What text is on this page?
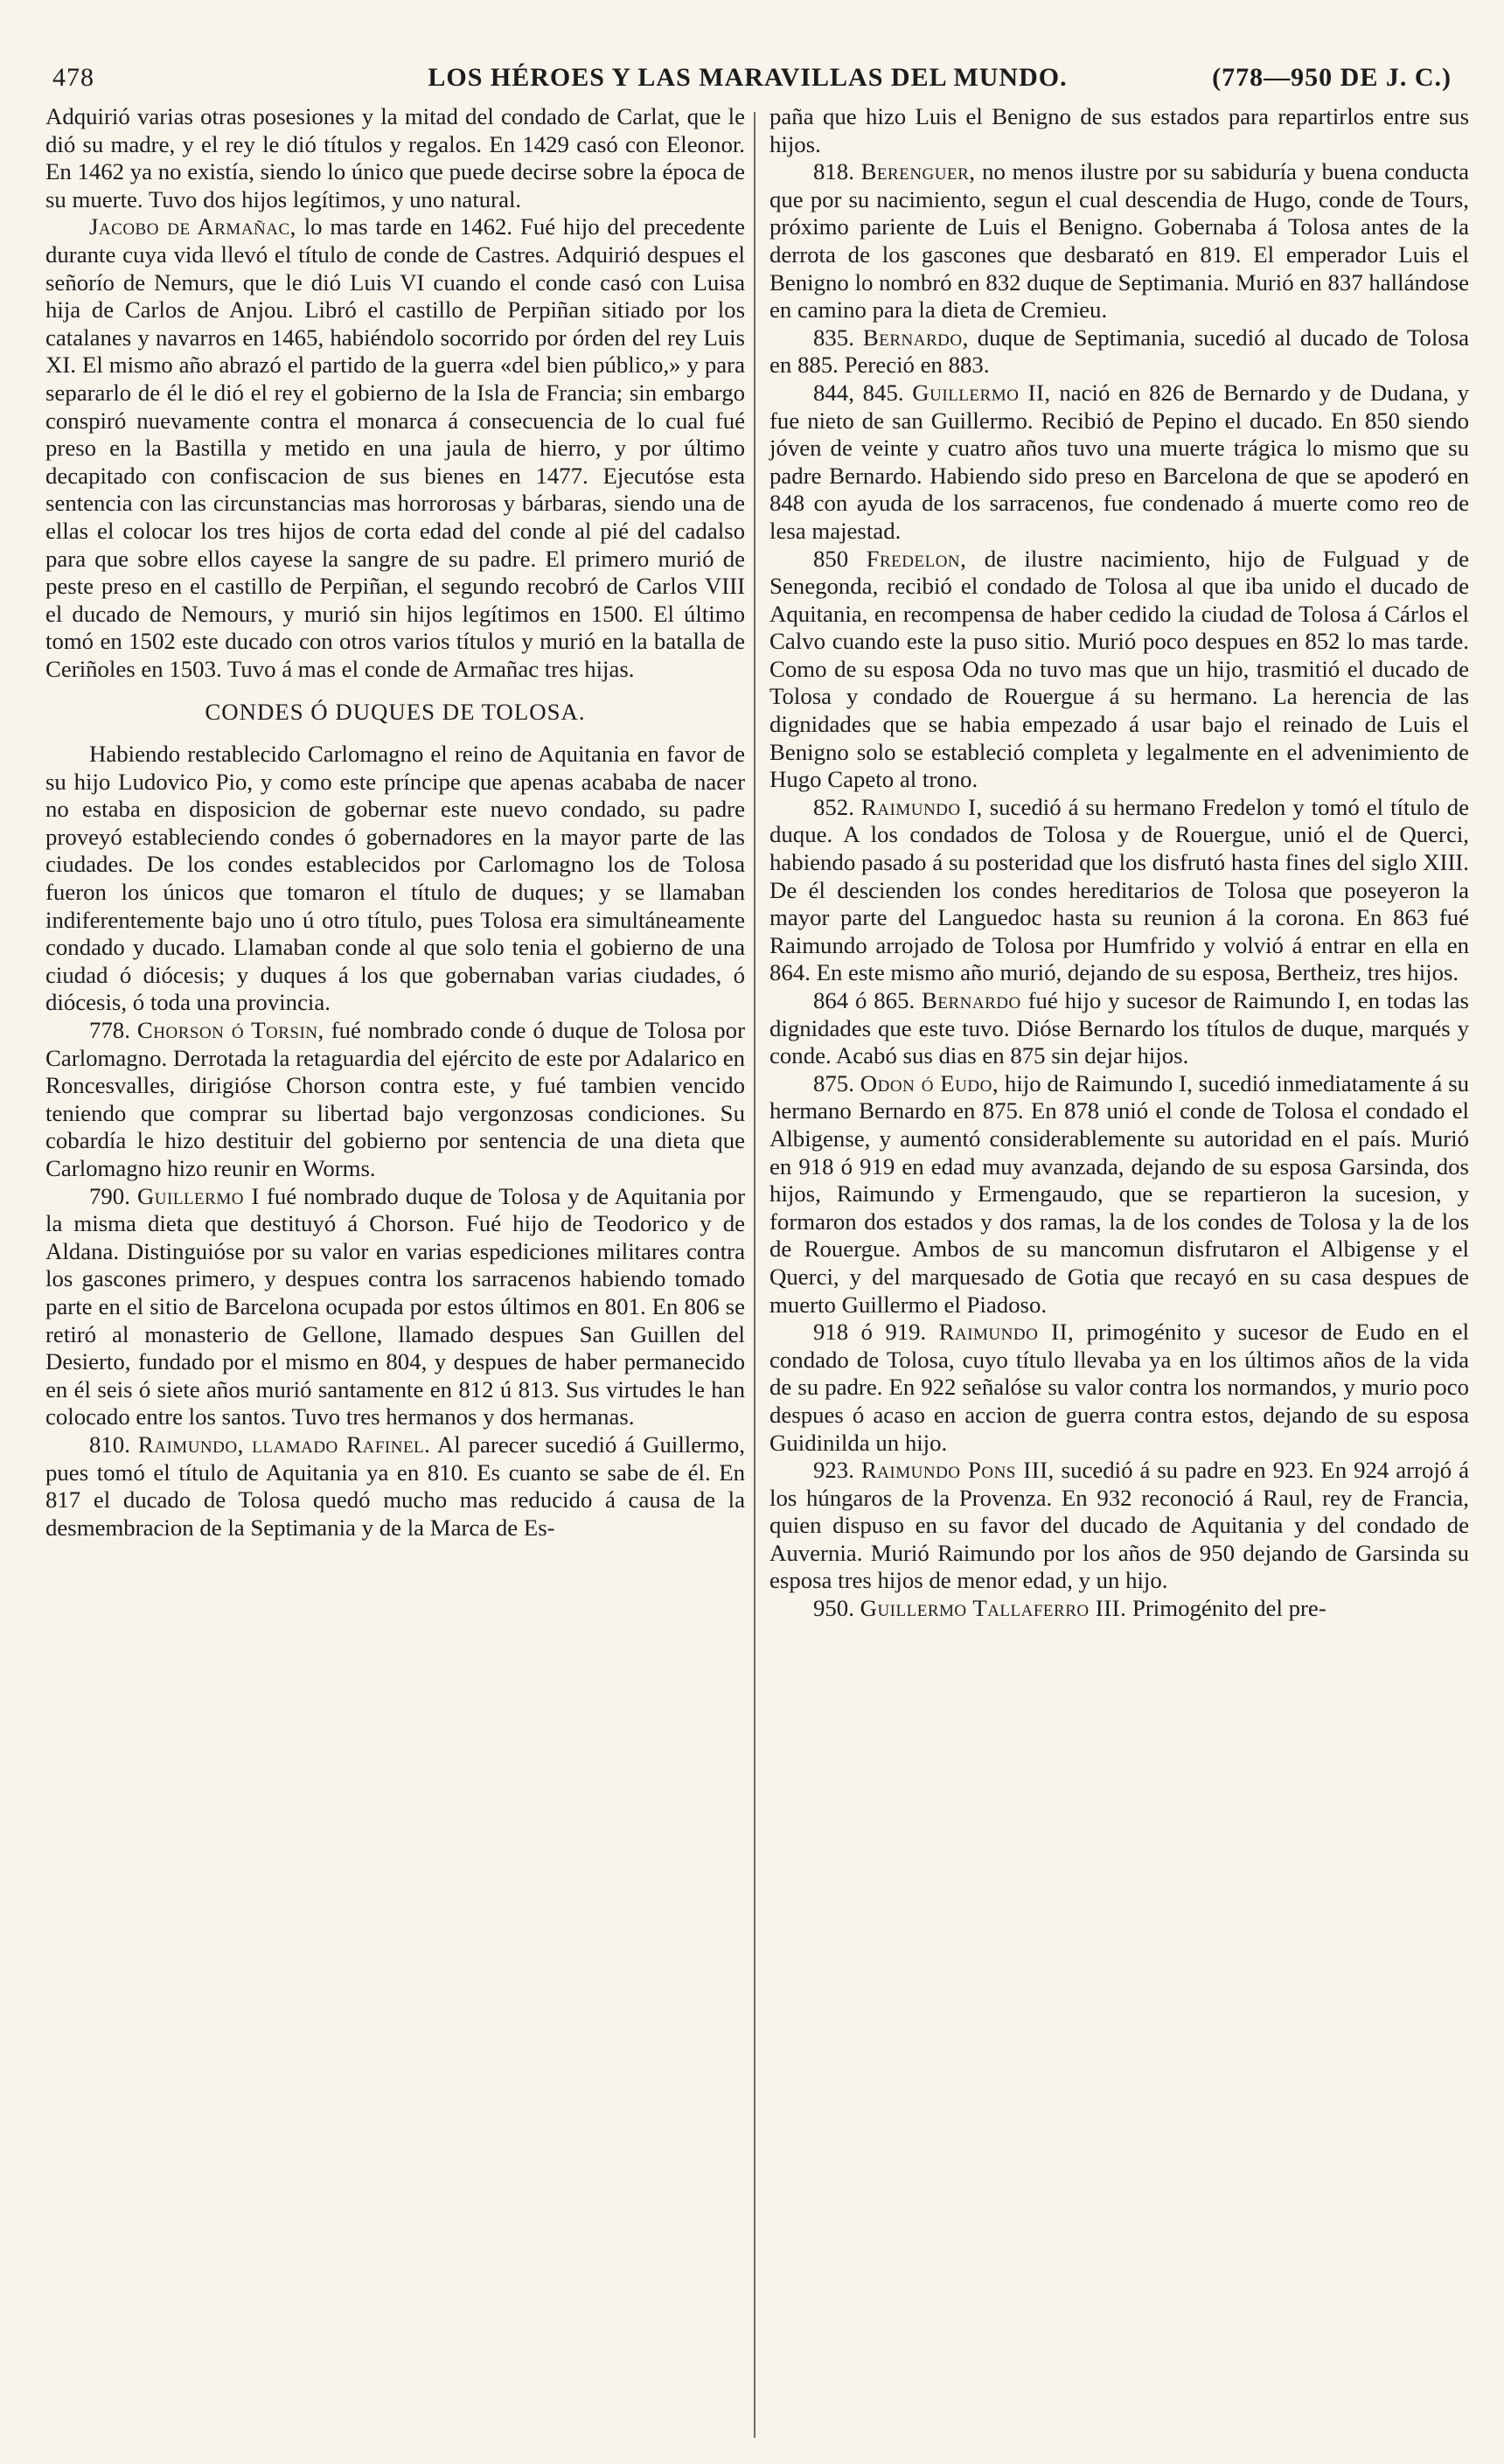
478	LOS HÉROES Y LAS MARAVILLAS DEL MUNDO.	(778—950 DE J. C.)

Adquirió varias otras posesiones y la mitad del condado de Carlat, que le dió su madre, y el rey le dió títulos y regalos. En 1429 casó con Eleonor. En 1462 ya no existía, siendo lo único que puede decirse sobre la época de su muerte. Tuvo dos hijos legítimos, y uno natural.

Jacobo de Armañac, lo mas tarde en 1462. Fué hijo del precedente durante cuya vida llevó el título de conde de Castres. Adquirió despues el señorío de Nemurs, que le dió Luis VI cuando el conde casó con Luisa hija de Carlos de Anjou. Libró el castillo de Perpiñan sitiado por los catalanes y navarros en 1465, habiéndolo socorrido por órden del rey Luis XI. El mismo año abrazó el partido de la guerra «del bien público,» y para separarlo de él le dió el rey el gobierno de la Isla de Francia; sin embargo conspiró nuevamente contra el monarca á consecuencia de lo cual fué preso en la Bastilla y metido en una jaula de hierro, y por último decapitado con confiscacion de sus bienes en 1477. Ejecutóse esta sentencia con las circunstancias mas horrorosas y bárbaras, siendo una de ellas el colocar los tres hijos de corta edad del conde al pié del cadalso para que sobre ellos cayese la sangre de su padre. El primero murió de peste preso en el castillo de Perpiñan, el segundo recobró de Carlos VIII el ducado de Nemours, y murió sin hijos legítimos en 1500. El último tomó en 1502 este ducado con otros varios títulos y murió en la batalla de Ceriñoles en 1503. Tuvo á mas el conde de Armañac tres hijas.

CONDES Ó DUQUES DE TOLOSA.

Habiendo restablecido Carlomagno el reino de Aquitania en favor de su hijo Ludovico Pio, y como este príncipe que apenas acababa de nacer no estaba en disposicion de gobernar este nuevo condado, su padre proveyó estableciendo condes ó gobernadores en la mayor parte de las ciudades. De los condes establecidos por Carlomagno los de Tolosa fueron los únicos que tomaron el título de duques; y se llamaban indiferentemente bajo uno ú otro título, pues Tolosa era simultáneamente condado y ducado. Llamaban conde al que solo tenia el gobierno de una ciudad ó diócesis; y duques á los que gobernaban varias ciudades, ó diócesis, ó toda una provincia.

778. Chorson ó Torsin, fué nombrado conde ó duque de Tolosa por Carlomagno. Derrotada la retaguardia del ejército de este por Adalarico en Roncesvalles, dirigióse Chorson contra este, y fué tambien vencido teniendo que comprar su libertad bajo vergonzosas condiciones. Su cobardía le hizo destituir del gobierno por sentencia de una dieta que Carlomagno hizo reunir en Worms.

790. Guillermo I fué nombrado duque de Tolosa y de Aquitania por la misma dieta que destituyó á Chorson. Fué hijo de Teodorico y de Aldana. Distinguióse por su valor en varias espediciones militares contra los gascones primero, y despues contra los sarracenos habiendo tomado parte en el sitio de Barcelona ocupada por estos últimos en 801. En 806 se retiró al monasterio de Gellone, llamado despues San Guillen del Desierto, fundado por el mismo en 804, y despues de haber permanecido en él seis ó siete años murió santamente en 812 ú 813. Sus virtudes le han colocado entre los santos. Tuvo tres hermanos y dos hermanas.

810. Raimundo, llamado Rafinel. Al parecer sucedió á Guillermo, pues tomó el título de Aquitania ya en 810. Es cuanto se sabe de él. En 817 el ducado de Tolosa quedó mucho mas reducido á causa de la desmembracion de la Septimania y de la Marca de Es-

paña que hizo Luis el Benigno de sus estados para repartirlos entre sus hijos.

818. Berenguer, no menos ilustre por su sabiduría y buena conducta que por su nacimiento, segun el cual descendia de Hugo, conde de Tours, próximo pariente de Luis el Benigno. Gobernaba á Tolosa antes de la derrota de los gascones que desbarató en 819. El emperador Luis el Benigno lo nombró en 832 duque de Septimania. Murió en 837 hallándose en camino para la dieta de Cremieu.

835. Bernardo, duque de Septimania, sucedió al ducado de Tolosa en 885. Pereció en 883.

844, 845. Guillermo II, nació en 826 de Bernardo y de Dudana, y fue nieto de san Guillermo. Recibió de Pepino el ducado. En 850 siendo jóven de veinte y cuatro años tuvo una muerte trágica lo mismo que su padre Bernardo. Habiendo sido preso en Barcelona de que se apoderó en 848 con ayuda de los sarracenos, fue condenado á muerte como reo de lesa majestad.

850 Fredelon, de ilustre nacimiento, hijo de Fulguad y de Senegonda, recibió el condado de Tolosa al que iba unido el ducado de Aquitania, en recompensa de haber cedido la ciudad de Tolosa á Cárlos el Calvo cuando este la puso sitio. Murió poco despues en 852 lo mas tarde. Como de su esposa Oda no tuvo mas que un hijo, trasmitió el ducado de Tolosa y condado de Rouergue á su hermano. La herencia de las dignidades que se habia empezado á usar bajo el reinado de Luis el Benigno solo se estableció completa y legalmente en el advenimiento de Hugo Capeto al trono.

852. Raimundo I, sucedió á su hermano Fredelon y tomó el título de duque. A los condados de Tolosa y de Rouergue, unió el de Querci, habiendo pasado á su posteridad que los disfrutó hasta fines del siglo XIII. De él descienden los condes hereditarios de Tolosa que poseyeron la mayor parte del Languedoc hasta su reunion á la corona. En 863 fué Raimundo arrojado de Tolosa por Humfrido y volvió á entrar en ella en 864. En este mismo año murió, dejando de su esposa, Bertheiz, tres hijos.

864 ó 865. Bernardo fué hijo y sucesor de Raimundo I, en todas las dignidades que este tuvo. Dióse Bernardo los títulos de duque, marqués y conde. Acabó sus dias en 875 sin dejar hijos.

875. Odon ó Eudo, hijo de Raimundo I, sucedió inmediatamente á su hermano Bernardo en 875. En 878 unió el conde de Tolosa el condado el Albigense, y aumentó considerablemente su autoridad en el país. Murió en 918 ó 919 en edad muy avanzada, dejando de su esposa Garsinda, dos hijos, Raimundo y Ermengaudo, que se repartieron la sucesion, y formaron dos estados y dos ramas, la de los condes de Tolosa y la de los de Rouergue. Ambos de su mancomun disfrutaron el Albigense y el Querci, y del marquesado de Gotia que recayó en su casa despues de muerto Guillermo el Piadoso.

918 ó 919. Raimundo II, primogénito y sucesor de Eudo en el condado de Tolosa, cuyo título llevaba ya en los últimos años de la vida de su padre. En 922 señalóse su valor contra los normandos, y murio poco despues ó acaso en accion de guerra contra estos, dejando de su esposa Guidinilda un hijo.

923. Raimundo Pons III, sucedió á su padre en 923. En 924 arrojó á los húngaros de la Provenza. En 932 reconoció á Raul, rey de Francia, quien dispuso en su favor del ducado de Aquitania y del condado de Auvernia. Murió Raimundo por los años de 950 dejando de Garsinda su esposa tres hijos de menor edad, y un hijo.

950. Guillermo Tallaferro III. Primogénito del pre-
